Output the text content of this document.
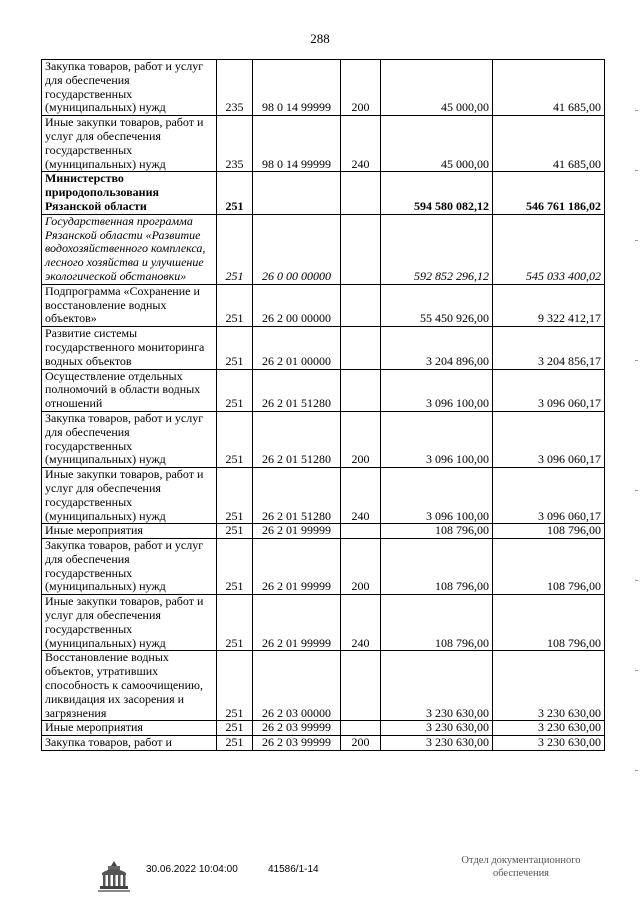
288
Закупка товаров, работ и услуг для обеспечения государственных (муниципальных) нужд	235	98 0 14 99999	200	45 000,00	41 685,00
Иные закупки товаров, работ и услуг для обеспечения государственных (муниципальных) нужд	235	98 0 14 99999	240	45 000,00	41 685,00
Министерство природопользования Рязанской области	251			594 580 082,12	546 761 186,02
Государственная программа Рязанской области «Развитие водохозяйственного комплекса, лесного хозяйства и улучшение экологической обстановки»	251	26 0 00 00000		592 852 296,12	545 033 400,02
Подпрограмма «Сохранение и восстановление водных объектов»	251	26 2 00 00000		55 450 926,00	9 322 412,17
Развитие системы государственного мониторинга водных объектов	251	26 2 01 00000		3 204 896,00	3 204 856,17
Осуществление отдельных полномочий в области водных отношений	251	26 2 01 51280		3 096 100,00	3 096 060,17
Закупка товаров, работ и услуг для обеспечения государственных (муниципальных) нужд	251	26 2 01 51280	200	3 096 100,00	3 096 060,17
Иные закупки товаров, работ и услуг для обеспечения государственных (муниципальных) нужд	251	26 2 01 51280	240	3 096 100,00	3 096 060,17
Иные мероприятия	251	26 2 01 99999		108 796,00	108 796,00
Закупка товаров, работ и услуг для обеспечения государственных (муниципальных) нужд	251	26 2 01 99999	200	108 796,00	108 796,00
Иные закупки товаров, работ и услуг для обеспечения государственных (муниципальных) нужд	251	26 2 01 99999	240	108 796,00	108 796,00
Восстановление водных объектов, утративших способность к самоочищению, ликвидация их засорения и загрязнения	251	26 2 03 00000		3 230 630,00	3 230 630,00
Иные мероприятия	251	26 2 03 99999		3 230 630,00	3 230 630,00
Закупка товаров, работ и	251	26 2 03 99999	200	3 230 630,00	3 230 630,00
30.06.2022 10:04:00	41586/1-14
Отдел документационного
обеспечения
